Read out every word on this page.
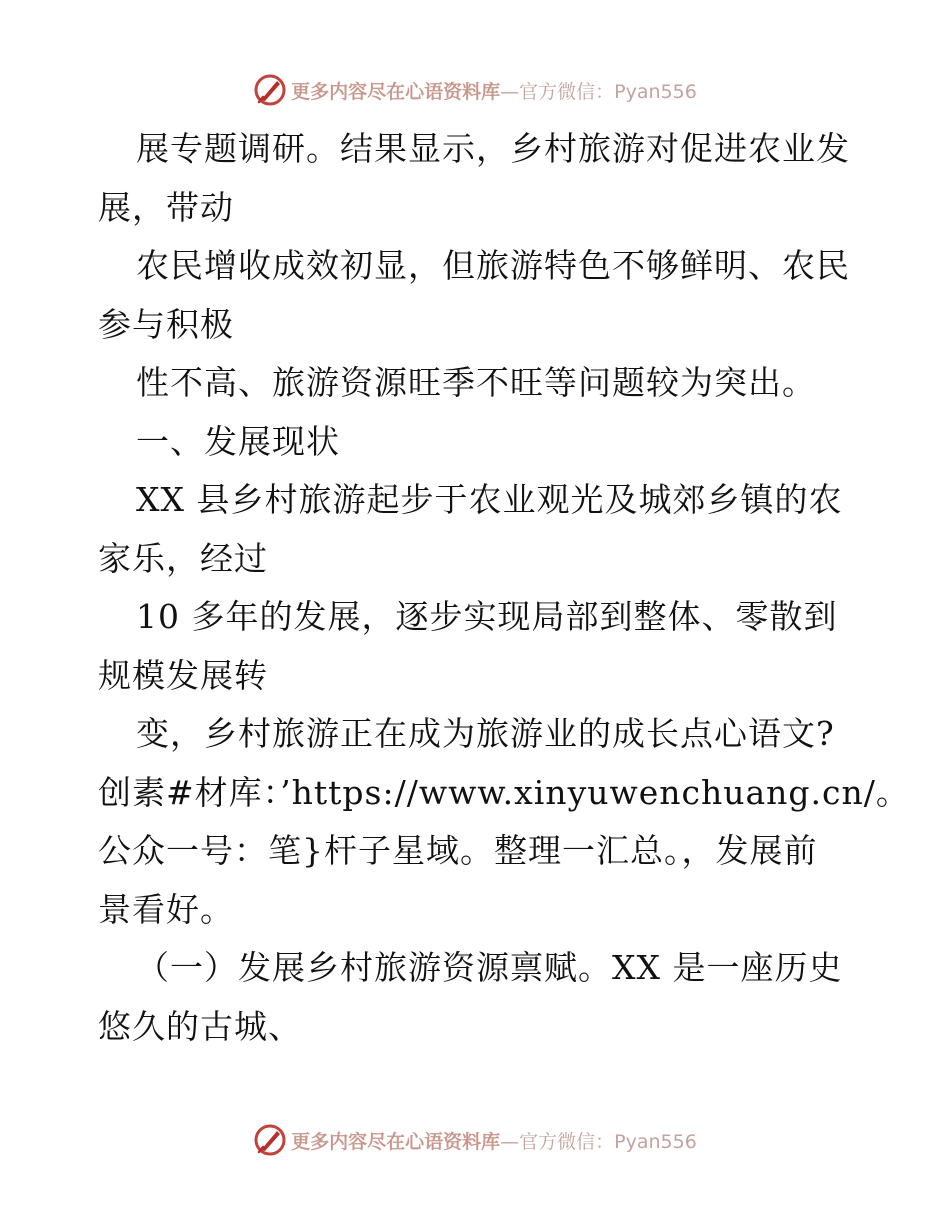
更多内容尽在心语资料库—官方微信：Pyan556
展专题调研。结果显示，乡村旅游对促进农业发
展，带动
农民增收成效初显，但旅游特色不够鲜明、农民
参与积极
性不高、旅游资源旺季不旺等问题较为突出。
一、发展现状
XX 县乡村旅游起步于农业观光及城郊乡镇的农
家乐，经过
10 多年的发展，逐步实现局部到整体、零散到
规模发展转
变，乡村旅游正在成为旅游业的成长点心语文?
创素#材库：’https://www.xinyuwenchuang.cn/。
公众一号：笔}杆子星域。整理一汇总。，发展前
景看好。
（一）发展乡村旅游资源禀赋。XX 是一座历史
悠久的古城、
更多内容尽在心语资料库—官方微信：Pyan556
